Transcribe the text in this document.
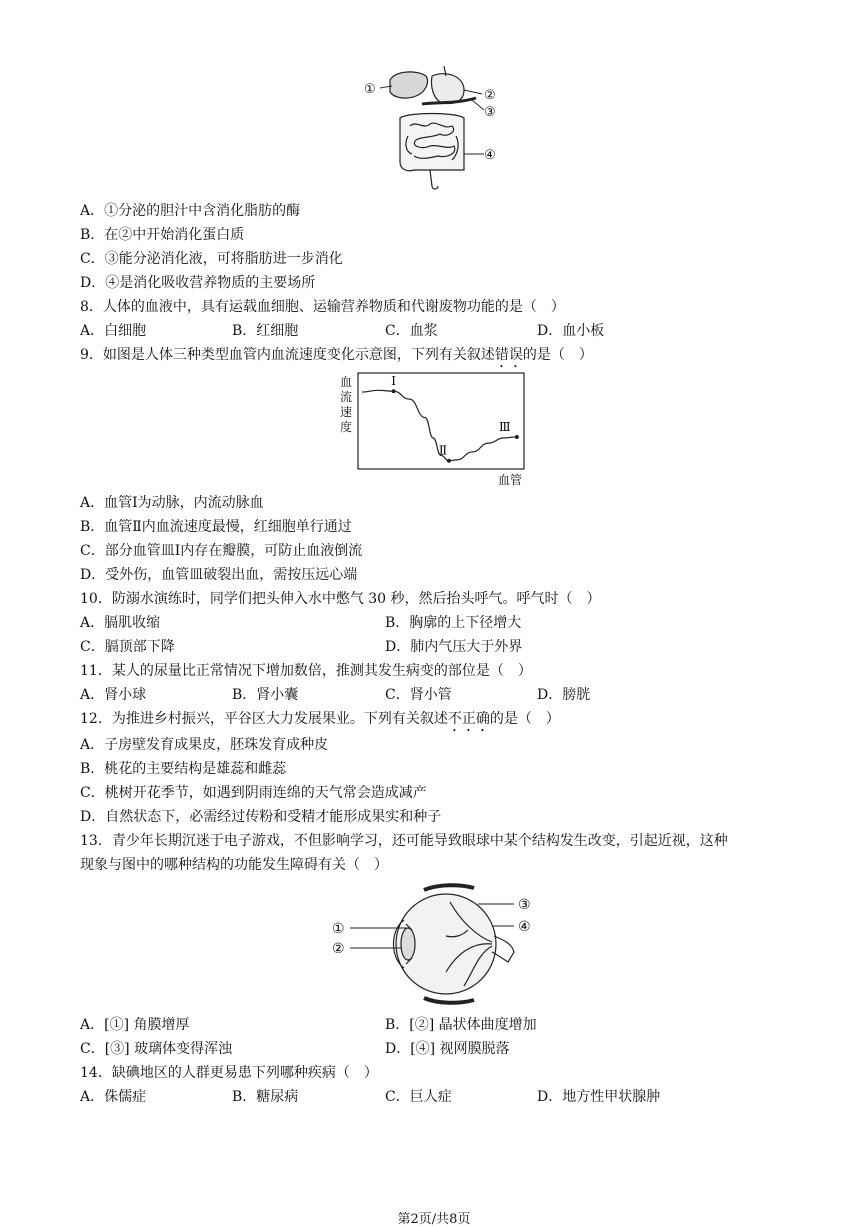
①	②
③
④
A．①分泌的胆汁中含消化脂肪的酶
B．在②中开始消化蛋白质
C．③能分泌消化液，可将脂肪进一步消化
D．④是消化吸收营养物质的主要场所
8．人体的血液中，具有运载血细胞、运输营养物质和代谢废物功能的是（　）
A．白细胞	B．红细胞	C．血浆	D．血小板
9．如图是人体三种类型血管内血流速度变化示意图，下列有关叙述错误的是（　）
血
流
速
度
血管
Ⅰ
Ⅱ
Ⅲ
A．血管Ⅰ为动脉，内流动脉血
B．血管Ⅱ内血流速度最慢，红细胞单行通过
C．部分血管皿Ⅰ内存在瓣膜，可防止血液倒流
D．受外伤，血管皿破裂出血，需按压远心端
10．防溺水演练时，同学们把头伸入水中憋气 30 秒，然后抬头呼气。呼气时（　）
A．膈肌收缩	B．胸廓的上下径增大
C．膈顶部下降	D．肺内气压大于外界
11．某人的尿量比正常情况下增加数倍，推测其发生病变的部位是（　）
A．肾小球	B．肾小囊	C．肾小管	D．膀胱
12．为推进乡村振兴，平谷区大力发展果业。下列有关叙述不正确的是（　）
A．子房壁发育成果皮，胚珠发育成种皮
B．桃花的主要结构是雄蕊和雌蕊
C．桃树开花季节，如遇到阴雨连绵的天气常会造成减产
D．自然状态下，必需经过传粉和受精才能形成果实和种子
13．青少年长期沉迷于电子游戏，不但影响学习，还可能导致眼球中某个结构发生改变，引起近视，这种
现象与图中的哪种结构的功能发生障碍有关（　）
①
②
③
④
A．[①] 角膜增厚	B．[②] 晶状体曲度增加
C．[③] 玻璃体变得浑浊	D．[④] 视网膜脱落
14．缺碘地区的人群更易患下列哪种疾病（　）
A．侏儒症	B．糖尿病	C．巨人症	D．地方性甲状腺肿
第2页/共8页
